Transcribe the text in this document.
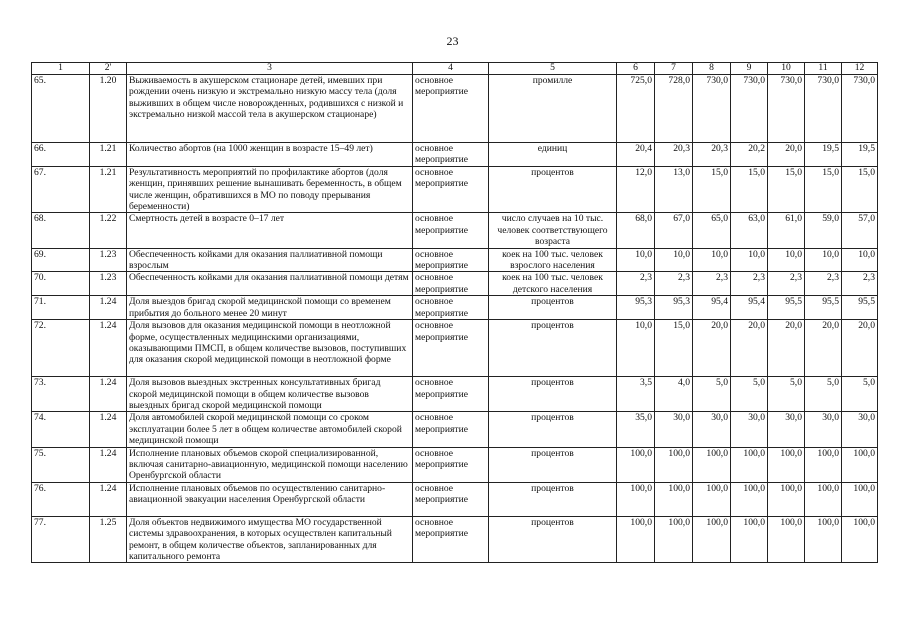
23
1	2'	3	4	5	6	7	8	9	10	11	12
65.	1.20	Выживаемость в акушерском стационаре детей, имевших при рождении очень низкую и экстремально низкую массу тела (доля выживших в общем числе новорожденных, родившихся с низкой и экстремально низкой массой тела в акушерском стационаре)	основное мероприятие	промилле	725,0	728,0	730,0	730,0	730,0	730,0	730,0
66.	1.21	Количество абортов (на 1000 женщин в возрасте 15–49 лет)	основное мероприятие	единиц	20,4	20,3	20,3	20,2	20,0	19,5	19,5
67.	1.21	Результативность мероприятий по профилактике абортов (доля женщин, принявших решение вынашивать беременность, в общем числе женщин, обратившихся в МО по поводу прерывания беременности)	основное мероприятие	процентов	12,0	13,0	15,0	15,0	15,0	15,0	15,0
68.	1.22	Смертность детей в возрасте 0–17 лет	основное мероприятие	число случаев на 10 тыс. человек соответствующего возраста	68,0	67,0	65,0	63,0	61,0	59,0	57,0
69.	1.23	Обеспеченность койками для оказания паллиативной помощи взрослым	основное мероприятие	коек на 100 тыс. человек взрослого населения	10,0	10,0	10,0	10,0	10,0	10,0	10,0
70.	1.23	Обеспеченность койками для оказания паллиативной помощи детям	основное мероприятие	коек на 100 тыс. человек детского населения	2,3	2,3	2,3	2,3	2,3	2,3	2,3
71.	1.24	Доля выездов бригад скорой медицинской помощи со временем прибытия до больного менее 20 минут	основное мероприятие	процентов	95,3	95,3	95,4	95,4	95,5	95,5	95,5
72.	1.24	Доля вызовов для оказания медицинской помощи в неотложной форме, осуществленных медицинскими организациями, оказывающими ПМСП, в общем количестве вызовов, поступивших для оказания скорой медицинской помощи в неотложной форме	основное мероприятие	процентов	10,0	15,0	20,0	20,0	20,0	20,0	20,0
73.	1.24	Доля вызовов выездных экстренных консультативных бригад скорой медицинской помощи в общем количестве вызовов выездных бригад скорой медицинской помощи	основное мероприятие	процентов	3,5	4,0	5,0	5,0	5,0	5,0	5,0
74.	1.24	Доля автомобилей скорой медицинской помощи со сроком эксплуатации более 5 лет в общем количестве автомобилей скорой медицинской помощи	основное мероприятие	процентов	35,0	30,0	30,0	30,0	30,0	30,0	30,0
75.	1.24	Исполнение плановых объемов скорой специализированной, включая санитарно-авиационную, медицинской помощи населению Оренбургской области	основное мероприятие	процентов	100,0	100,0	100,0	100,0	100,0	100,0	100,0
76.	1.24	Исполнение плановых объемов по осуществлению санитарно-авиационной эвакуации населения Оренбургской области	основное мероприятие	процентов	100,0	100,0	100,0	100,0	100,0	100,0	100,0
77.	1.25	Доля объектов недвижимого имущества МО государственной системы здравоохранения, в которых осуществлен капитальный ремонт, в общем количестве объектов, запланированных для капитального ремонта	основное мероприятие	процентов	100,0	100,0	100,0	100,0	100,0	100,0	100,0
